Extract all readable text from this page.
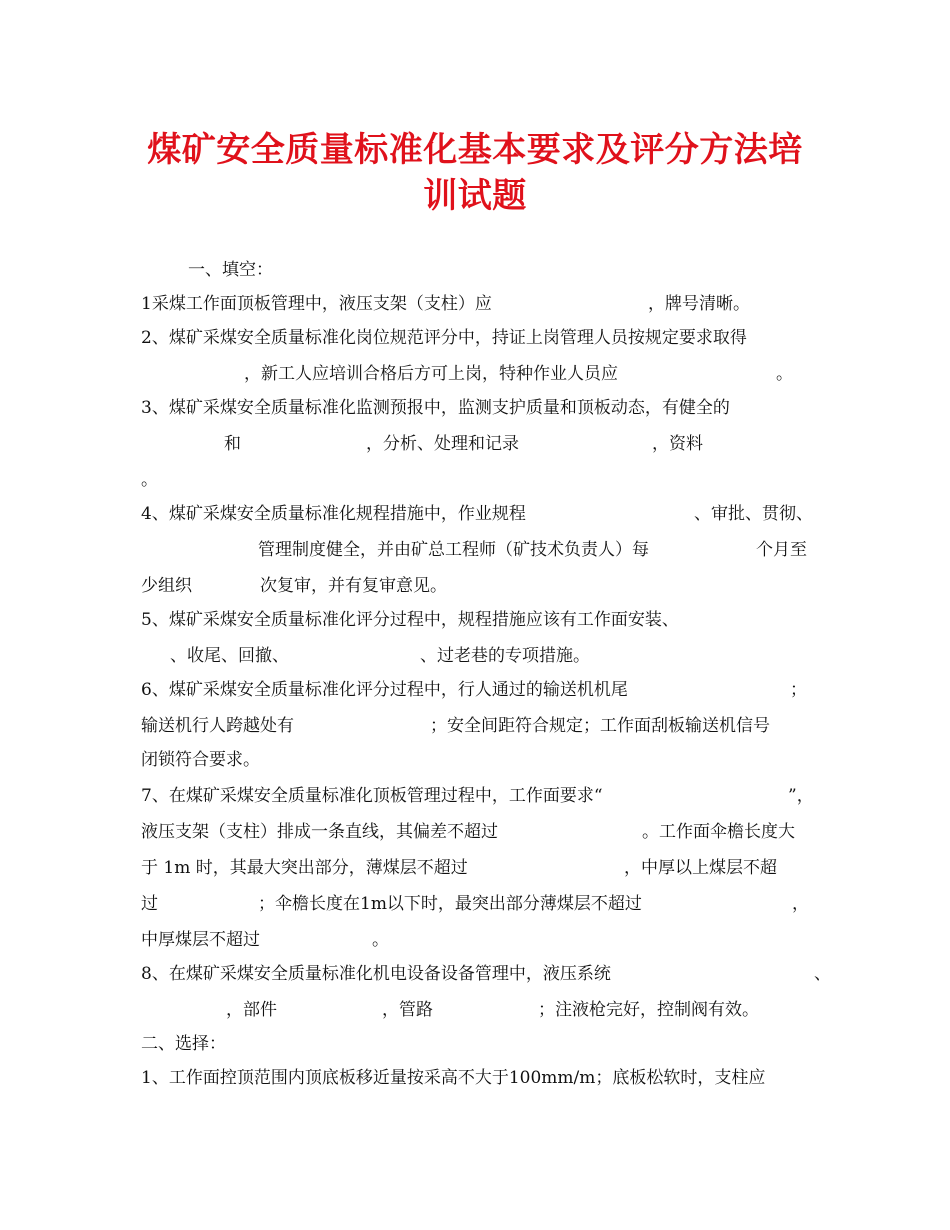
煤矿安全质量标准化基本要求及评分方法培
训试题
一、填空：
1采煤工作面顶板管理中，液压支架（支柱）应	，牌号清晰。
2、煤矿采煤安全质量标准化岗位规范评分中，持证上岗管理人员按规定要求取得
，新工人应培训合格后方可上岗，特种作业人员应	。
3、煤矿采煤安全质量标准化监测预报中，监测支护质量和顶板动态，有健全的
和	，分析、处理和记录	，资料
。
4、煤矿采煤安全质量标准化规程措施中，作业规程	、审批、贯彻、
管理制度健全，并由矿总工程师（矿技术负责人）每	个月至
少组织	次复审，并有复审意见。
5、煤矿采煤安全质量标准化评分过程中，规程措施应该有工作面安装、
、收尾、回撤、	、过老巷的专项措施。
6、煤矿采煤安全质量标准化评分过程中，行人通过的输送机机尾	；
输送机行人跨越处有	；安全间距符合规定；工作面刮板输送机信号
闭锁符合要求。
7、在煤矿采煤安全质量标准化顶板管理过程中，工作面要求“	”，
液压支架（支柱）排成一条直线，其偏差不超过	。工作面伞檐长度大
于 1m 时，其最大突出部分，薄煤层不超过	，中厚以上煤层不超
过	；伞檐长度在1m以下时，最突出部分薄煤层不超过	，
中厚煤层不超过	。
8、在煤矿采煤安全质量标准化机电设备设备管理中，液压系统	、
，部件	，管路	；注液枪完好，控制阀有效。
二、选择：
1、工作面控顶范围内顶底板移近量按采高不大于100mm/m；底板松软时，支柱应
